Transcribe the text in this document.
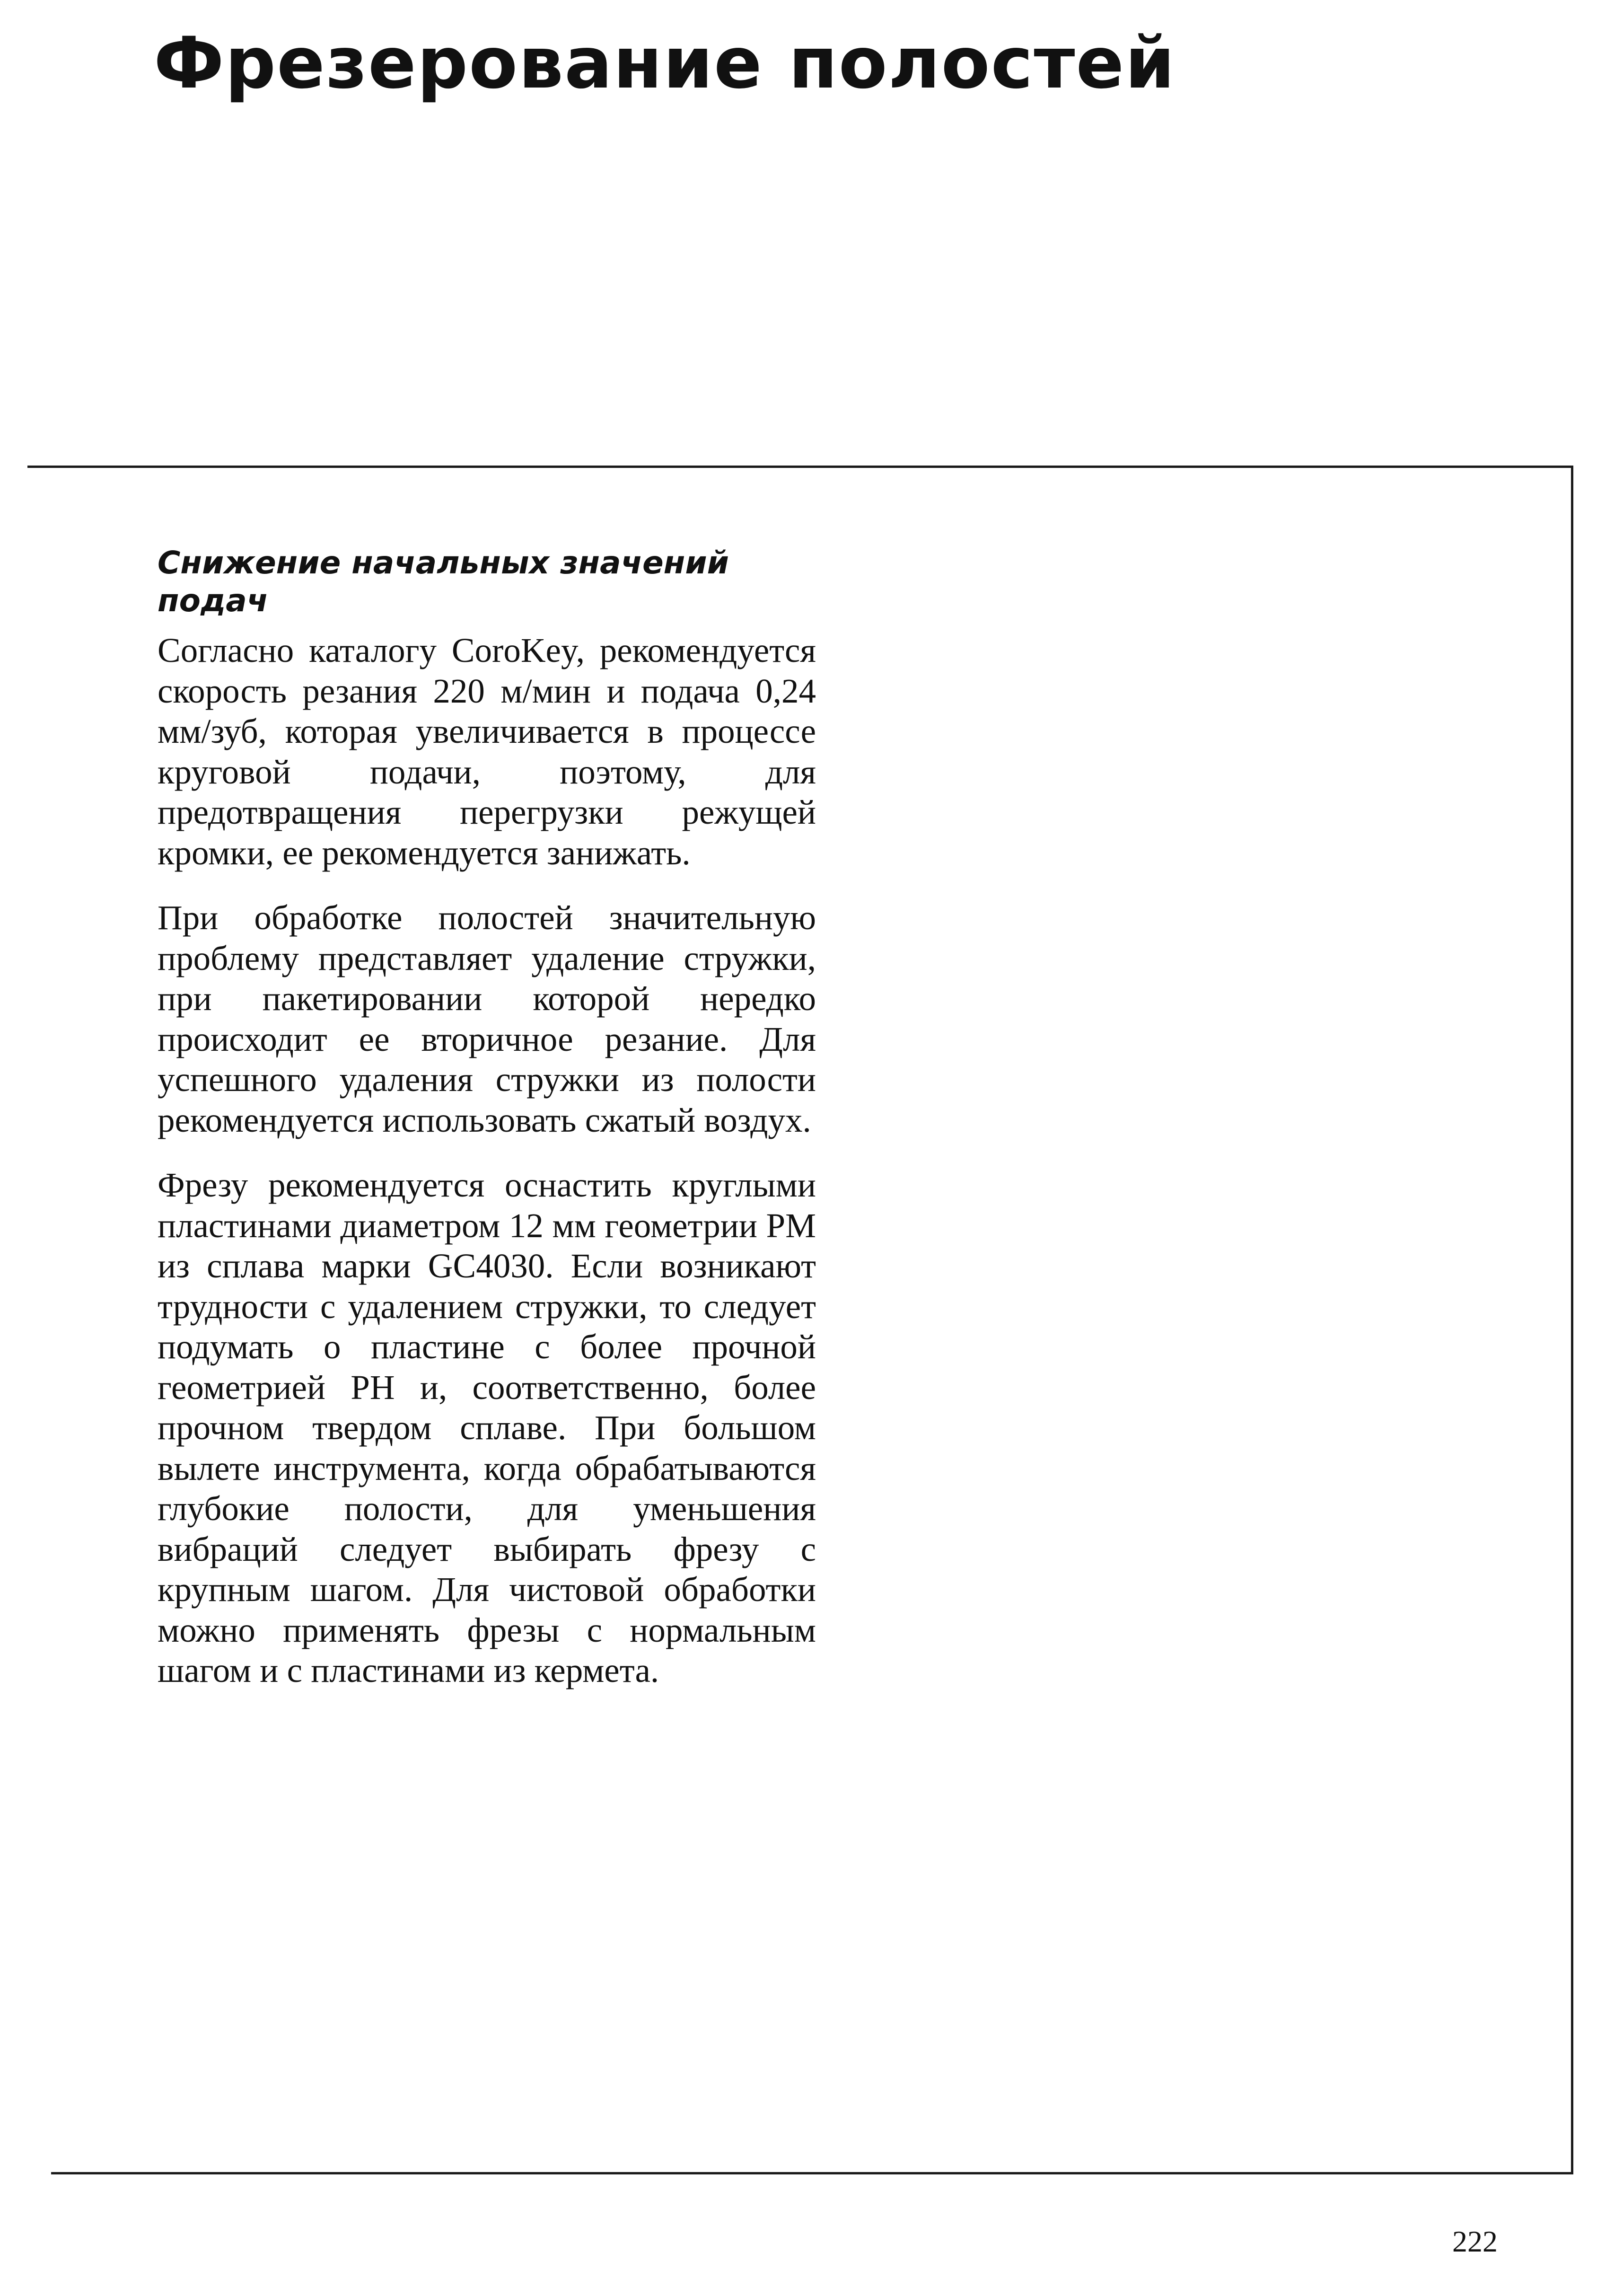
Фрезерование полостей
Снижение начальных значений подач

Согласно каталогу CoroKey, рекомендуется скорость резания 220 м/мин и подача 0,24 мм/зуб, которая увеличивается в процессе круговой подачи, поэтому, для предотвращения перегрузки режущей кромки, ее рекомендуется занижать.

При обработке полостей значительную проблему представляет удаление стружки, при пакетировании которой нередко происходит ее вторичное резание. Для успешного удаления стружки из полости рекомендуется использовать сжатый воздух.

Фрезу рекомендуется оснастить круглыми пластинами диаметром 12 мм геометрии PM из сплава марки GC4030. Если возникают трудности с удалением стружки, то следует подумать о пластине с более прочной геометрией PH и, соответственно, более прочном твердом сплаве. При большом вылете инструмента, когда обрабатываются глубокие полости, для уменьшения вибраций следует выбирать фрезу с крупным шагом. Для чистовой обработки можно применять фрезы с нормальным шагом и с пластинами из кермета.

222
